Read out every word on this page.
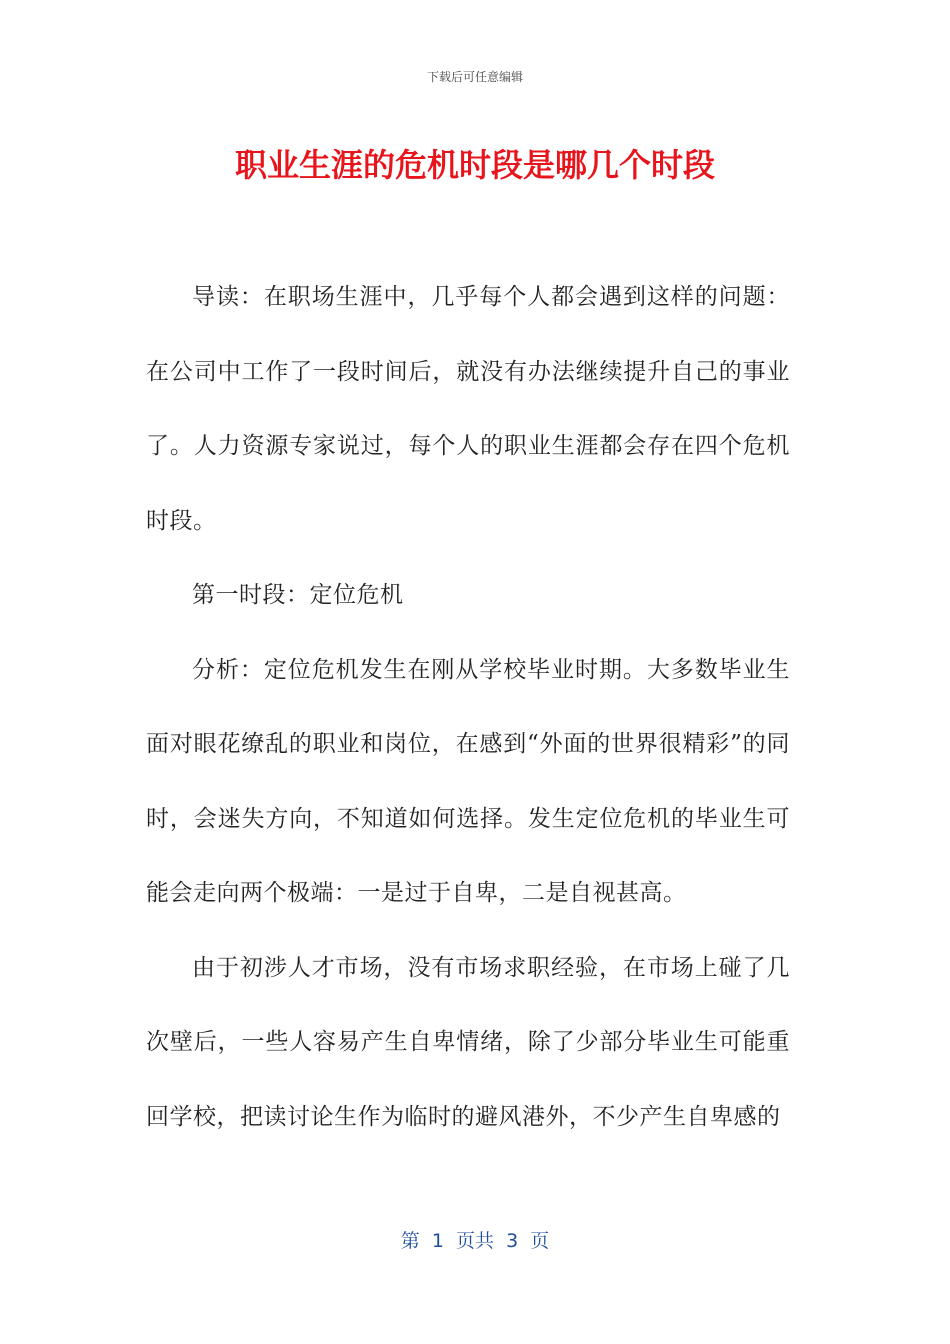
下载后可任意编辑
职业生涯的危机时段是哪几个时段

导读：在职场生涯中，几乎每个人都会遇到这样的问题：在公司中工作了一段时间后，就没有办法继续提升自己的事业了。人力资源专家说过，每个人的职业生涯都会存在四个危机时段。

第一时段：定位危机

分析：定位危机发生在刚从学校毕业时期。大多数毕业生面对眼花缭乱的职业和岗位，在感到“外面的世界很精彩”的同时，会迷失方向，不知道如何选择。发生定位危机的毕业生可能会走向两个极端：一是过于自卑，二是自视甚高。

由于初涉人才市场，没有市场求职经验，在市场上碰了几次壁后，一些人容易产生自卑情绪，除了少部分毕业生可能重回学校，把读讨论生作为临时的避风港外，不少产生自卑感的

第  1  页共  3  页
